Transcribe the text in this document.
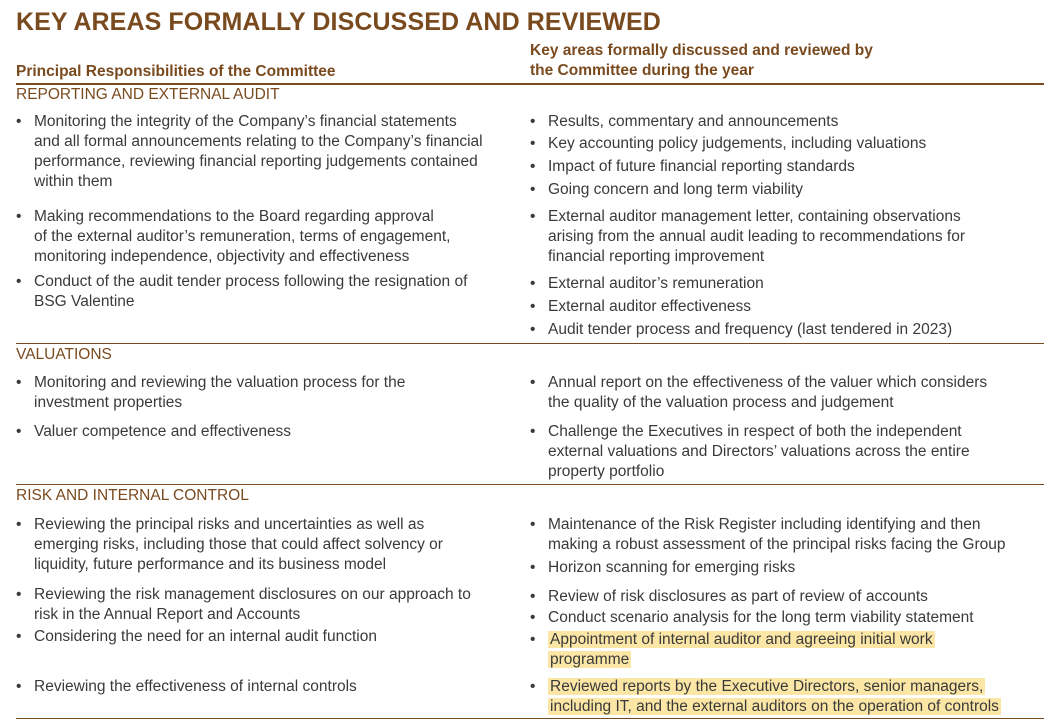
KEY AREAS FORMALLY DISCUSSED AND REVIEWED
Principal Responsibilities of the Committee
Key areas formally discussed and reviewed by
the Committee during the year
REPORTING AND EXTERNAL AUDIT
• Monitoring the integrity of the Company’s financial statements
and all formal announcements relating to the Company’s financial
performance, reviewing financial reporting judgements contained
within them
• Making recommendations to the Board regarding approval
of the external auditor’s remuneration, terms of engagement,
monitoring independence, objectivity and effectiveness
• Conduct of the audit tender process following the resignation of
BSG Valentine
• Results, commentary and announcements
• Key accounting policy judgements, including valuations
• Impact of future financial reporting standards
• Going concern and long term viability
• External auditor management letter, containing observations
arising from the annual audit leading to recommendations for
financial reporting improvement
• External auditor’s remuneration
• External auditor effectiveness
• Audit tender process and frequency (last tendered in 2023)
VALUATIONS
• Monitoring and reviewing the valuation process for the
investment properties
• Valuer competence and effectiveness
• Annual report on the effectiveness of the valuer which considers
the quality of the valuation process and judgement
• Challenge the Executives in respect of both the independent
external valuations and Directors’ valuations across the entire
property portfolio
RISK AND INTERNAL CONTROL
• Reviewing the principal risks and uncertainties as well as
emerging risks, including those that could affect solvency or
liquidity, future performance and its business model
• Reviewing the risk management disclosures on our approach to
risk in the Annual Report and Accounts
• Considering the need for an internal audit function
• Reviewing the effectiveness of internal controls
• Maintenance of the Risk Register including identifying and then
making a robust assessment of the principal risks facing the Group
• Horizon scanning for emerging risks
• Review of risk disclosures as part of review of accounts
• Conduct scenario analysis for the long term viability statement
• Appointment of internal auditor and agreeing initial work
programme
• Reviewed reports by the Executive Directors, senior managers,
including IT, and the external auditors on the operation of controls
